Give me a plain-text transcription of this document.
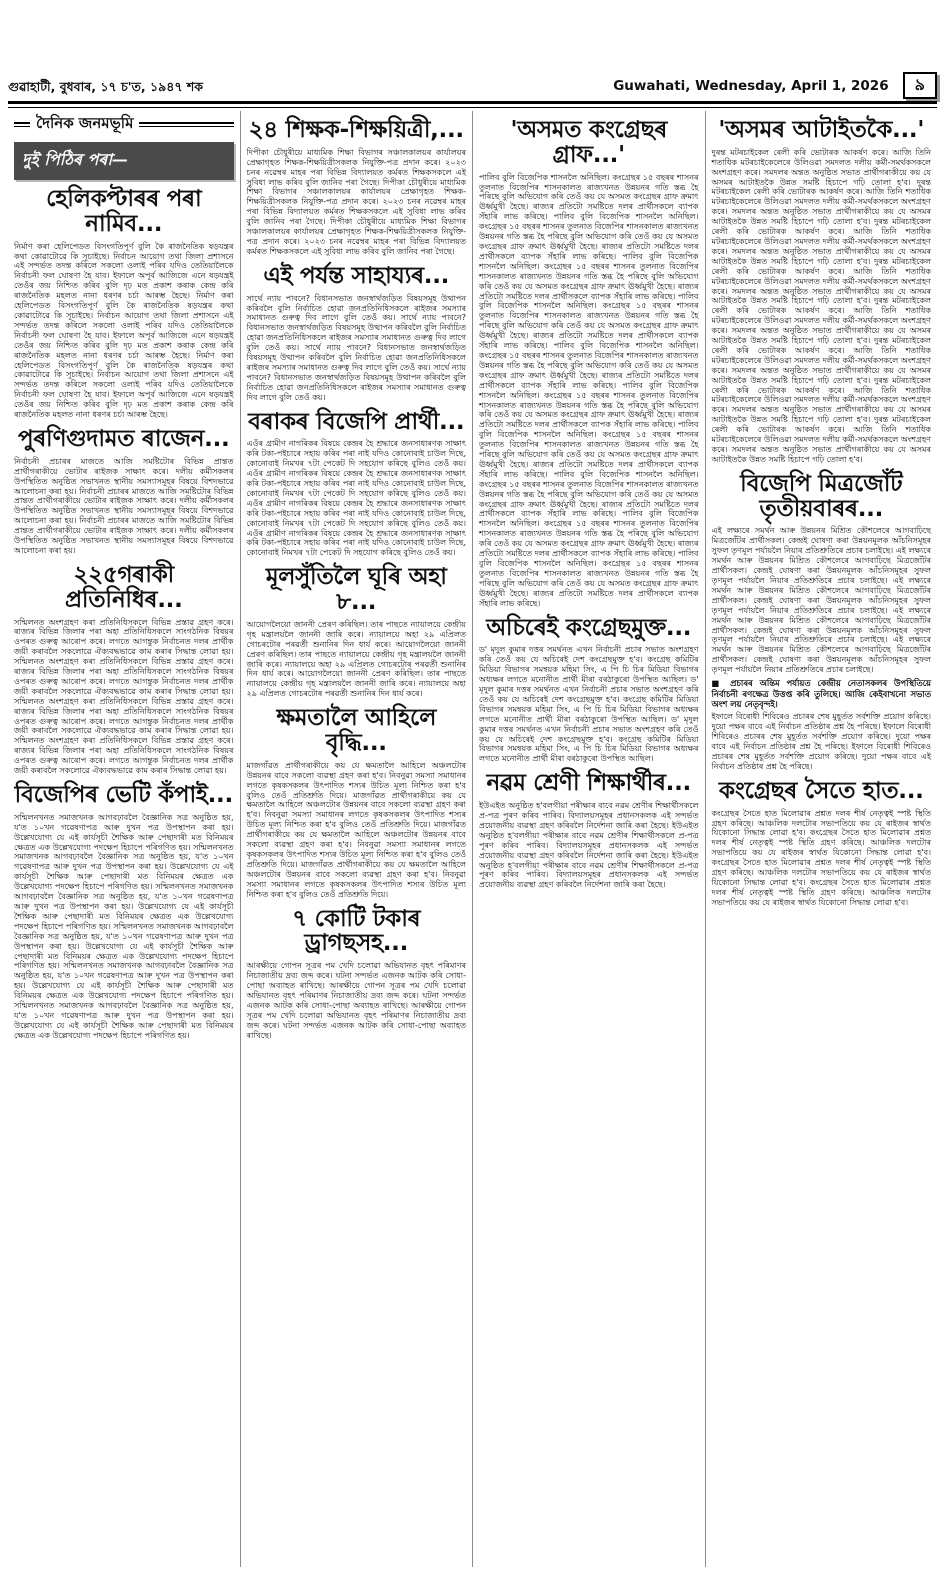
গুৱাহাটী, বুধবাৰ, ১৭ চ'ত, ১৯৪৭ শক	Guwahati, Wednesday, April 1, 2026	৯
দৈনিক জনমভূমি
দুই পিঠিৰ পৰা—
হেলিকপ্টাৰৰ পৰা নামিব...

নিৰ্মাণ কৰা হেলিপেডত বিসংগতিপূৰ্ণ বুলি কৈ ৰাজনৈতিক ষড়যন্ত্ৰৰ কথা কোৱাটোৱে কি সূচাইছে। নিৰ্বাচন আয়োগ তথা জিলা প্ৰশাসনে এই সন্দৰ্ভত তদন্ত কৰিলে সকলো ওলাই পৰিব যদিও তেতিয়ালৈকে নিৰ্বাচনী ফল ঘোষণা হৈ যাব। ইফালে অপূৰ্ব আজিজে এনে ষড়যন্ত্ৰই তেওঁৰ জয় নিশ্চিত কৰিব বুলি দৃঢ় মত প্ৰকাশ কৰাক কেন্দ্ৰ কৰি ৰাজনৈতিক মহলত নানা ধৰণৰ চৰ্চা আৰম্ভ হৈছে। নিৰ্মাণ কৰা হেলিপেডত বিসংগতিপূৰ্ণ বুলি কৈ ৰাজনৈতিক ষড়যন্ত্ৰৰ কথা কোৱাটোৱে কি সূচাইছে। নিৰ্বাচন আয়োগ তথা জিলা প্ৰশাসনে এই সন্দৰ্ভত তদন্ত কৰিলে সকলো ওলাই পৰিব যদিও তেতিয়ালৈকে নিৰ্বাচনী ফল ঘোষণা হৈ যাব। ইফালে অপূৰ্ব আজিজে এনে ষড়যন্ত্ৰই তেওঁৰ জয় নিশ্চিত কৰিব বুলি দৃঢ় মত প্ৰকাশ কৰাক কেন্দ্ৰ কৰি ৰাজনৈতিক মহলত নানা ধৰণৰ চৰ্চা আৰম্ভ হৈছে। নিৰ্মাণ কৰা হেলিপেডত বিসংগতিপূৰ্ণ বুলি কৈ ৰাজনৈতিক ষড়যন্ত্ৰৰ কথা কোৱাটোৱে কি সূচাইছে। নিৰ্বাচন আয়োগ তথা জিলা প্ৰশাসনে এই সন্দৰ্ভত তদন্ত কৰিলে সকলো ওলাই পৰিব যদিও তেতিয়ালৈকে নিৰ্বাচনী ফল ঘোষণা হৈ যাব। ইফালে অপূৰ্ব আজিজে এনে ষড়যন্ত্ৰই তেওঁৰ জয় নিশ্চিত কৰিব বুলি দৃঢ় মত প্ৰকাশ কৰাক কেন্দ্ৰ কৰি ৰাজনৈতিক মহলত নানা ধৰণৰ চৰ্চা আৰম্ভ হৈছে।

পুৰণিগুদামত ৰাজেন...

নিৰ্বাচনী প্ৰচাৰৰ মাজতে আজি সমষ্টিটোৰ বিভিন্ন প্ৰান্তত প্ৰাৰ্থীগৰাকীয়ে ভোটাৰ ৰাইজক সাক্ষাৎ কৰে। দলীয় কৰ্মীসকলৰ উপস্থিতিত অনুষ্ঠিত সভাখনত স্থানীয় সমস্যাসমূহৰ বিষয়ে বিশদভাৱে আলোচনা কৰা হয়। নিৰ্বাচনী প্ৰচাৰৰ মাজতে আজি সমষ্টিটোৰ বিভিন্ন প্ৰান্তত প্ৰাৰ্থীগৰাকীয়ে ভোটাৰ ৰাইজক সাক্ষাৎ কৰে। দলীয় কৰ্মীসকলৰ উপস্থিতিত অনুষ্ঠিত সভাখনত স্থানীয় সমস্যাসমূহৰ বিষয়ে বিশদভাৱে আলোচনা কৰা হয়। নিৰ্বাচনী প্ৰচাৰৰ মাজতে আজি সমষ্টিটোৰ বিভিন্ন প্ৰান্তত প্ৰাৰ্থীগৰাকীয়ে ভোটাৰ ৰাইজক সাক্ষাৎ কৰে। দলীয় কৰ্মীসকলৰ উপস্থিতিত অনুষ্ঠিত সভাখনত স্থানীয় সমস্যাসমূহৰ বিষয়ে বিশদভাৱে আলোচনা কৰা হয়।

২২৫গৰাকী প্ৰতিনিধিৰ...

সন্মিলনত অংশগ্ৰহণ কৰা প্ৰতিনিধিসকলে বিভিন্ন প্ৰস্তাৱ গ্ৰহণ কৰে। ৰাজ্যৰ বিভিন্ন জিলাৰ পৰা অহা প্ৰতিনিধিসকলে সাংগঠনিক বিষয়ৰ ওপৰত গুৰুত্ব আৰোপ কৰে। লগতে আগন্তুক নিৰ্বাচনত দলৰ প্ৰাৰ্থীক জয়ী কৰাবলৈ সকলোৱে ঐক্যবদ্ধভাৱে কাম কৰাৰ সিদ্ধান্ত লোৱা হয়। সন্মিলনত অংশগ্ৰহণ কৰা প্ৰতিনিধিসকলে বিভিন্ন প্ৰস্তাৱ গ্ৰহণ কৰে। ৰাজ্যৰ বিভিন্ন জিলাৰ পৰা অহা প্ৰতিনিধিসকলে সাংগঠনিক বিষয়ৰ ওপৰত গুৰুত্ব আৰোপ কৰে। লগতে আগন্তুক নিৰ্বাচনত দলৰ প্ৰাৰ্থীক জয়ী কৰাবলৈ সকলোৱে ঐক্যবদ্ধভাৱে কাম কৰাৰ সিদ্ধান্ত লোৱা হয়। সন্মিলনত অংশগ্ৰহণ কৰা প্ৰতিনিধিসকলে বিভিন্ন প্ৰস্তাৱ গ্ৰহণ কৰে। ৰাজ্যৰ বিভিন্ন জিলাৰ পৰা অহা প্ৰতিনিধিসকলে সাংগঠনিক বিষয়ৰ ওপৰত গুৰুত্ব আৰোপ কৰে। লগতে আগন্তুক নিৰ্বাচনত দলৰ প্ৰাৰ্থীক জয়ী কৰাবলৈ সকলোৱে ঐক্যবদ্ধভাৱে কাম কৰাৰ সিদ্ধান্ত লোৱা হয়। সন্মিলনত অংশগ্ৰহণ কৰা প্ৰতিনিধিসকলে বিভিন্ন প্ৰস্তাৱ গ্ৰহণ কৰে। ৰাজ্যৰ বিভিন্ন জিলাৰ পৰা অহা প্ৰতিনিধিসকলে সাংগঠনিক বিষয়ৰ ওপৰত গুৰুত্ব আৰোপ কৰে। লগতে আগন্তুক নিৰ্বাচনত দলৰ প্ৰাৰ্থীক জয়ী কৰাবলৈ সকলোৱে ঐক্যবদ্ধভাৱে কাম কৰাৰ সিদ্ধান্ত লোৱা হয়।

বিজেপিৰ ভেটি কঁপাই...

সন্মিলনখনত সমাজখনক আগবঢ়াবলৈ বৈজ্ঞানিক সত্ৰ অনুষ্ঠিত হয়, য'ত ১০খন গৱেষণাপত্ৰ আৰু দুখন পত্ৰ উপস্থাপন কৰা হয়। উল্লেখযোগ্য যে এই কাৰ্যসূচী শৈক্ষিক আৰু পেছাদাৰী মত বিনিময়ৰ ক্ষেত্ৰত এক উল্লেখযোগ্য পদক্ষেপ হিচাপে পৰিগণিত হয়। সন্মিলনখনত সমাজখনক আগবঢ়াবলৈ বৈজ্ঞানিক সত্ৰ অনুষ্ঠিত হয়, য'ত ১০খন গৱেষণাপত্ৰ আৰু দুখন পত্ৰ উপস্থাপন কৰা হয়। উল্লেখযোগ্য যে এই কাৰ্যসূচী শৈক্ষিক আৰু পেছাদাৰী মত বিনিময়ৰ ক্ষেত্ৰত এক উল্লেখযোগ্য পদক্ষেপ হিচাপে পৰিগণিত হয়। সন্মিলনখনত সমাজখনক আগবঢ়াবলৈ বৈজ্ঞানিক সত্ৰ অনুষ্ঠিত হয়, য'ত ১০খন গৱেষণাপত্ৰ আৰু দুখন পত্ৰ উপস্থাপন কৰা হয়। উল্লেখযোগ্য যে এই কাৰ্যসূচী শৈক্ষিক আৰু পেছাদাৰী মত বিনিময়ৰ ক্ষেত্ৰত এক উল্লেখযোগ্য পদক্ষেপ হিচাপে পৰিগণিত হয়। সন্মিলনখনত সমাজখনক আগবঢ়াবলৈ বৈজ্ঞানিক সত্ৰ অনুষ্ঠিত হয়, য'ত ১০খন গৱেষণাপত্ৰ আৰু দুখন পত্ৰ উপস্থাপন কৰা হয়। উল্লেখযোগ্য যে এই কাৰ্যসূচী শৈক্ষিক আৰু পেছাদাৰী মত বিনিময়ৰ ক্ষেত্ৰত এক উল্লেখযোগ্য পদক্ষেপ হিচাপে পৰিগণিত হয়। সন্মিলনখনত সমাজখনক আগবঢ়াবলৈ বৈজ্ঞানিক সত্ৰ অনুষ্ঠিত হয়, য'ত ১০খন গৱেষণাপত্ৰ আৰু দুখন পত্ৰ উপস্থাপন কৰা হয়। উল্লেখযোগ্য যে এই কাৰ্যসূচী শৈক্ষিক আৰু পেছাদাৰী মত বিনিময়ৰ ক্ষেত্ৰত এক উল্লেখযোগ্য পদক্ষেপ হিচাপে পৰিগণিত হয়। সন্মিলনখনত সমাজখনক আগবঢ়াবলৈ বৈজ্ঞানিক সত্ৰ অনুষ্ঠিত হয়, য'ত ১০খন গৱেষণাপত্ৰ আৰু দুখন পত্ৰ উপস্থাপন কৰা হয়। উল্লেখযোগ্য যে এই কাৰ্যসূচী শৈক্ষিক আৰু পেছাদাৰী মত বিনিময়ৰ ক্ষেত্ৰত এক উল্লেখযোগ্য পদক্ষেপ হিচাপে পৰিগণিত হয়।

২৪ শিক্ষক-শিক্ষয়িত্ৰী,...

দিপীকা চৌধুৰীয়ে মাধ্যমিক শিক্ষা বিভাগৰ সঞ্চালকালয়ৰ কাৰ্যালয়ৰ প্ৰেক্ষাগৃহত শিক্ষক-শিক্ষয়িত্ৰীসকলক নিযুক্তি-পত্ৰ প্ৰদান কৰে। ২০২৩ চনৰ নৱেম্বৰ মাহৰ পৰা বিভিন্ন বিদ্যালয়ত কৰ্মৰত শিক্ষকসকলে এই সুবিধা লাভ কৰিব বুলি জানিব পৰা গৈছে। দিপীকা চৌধুৰীয়ে মাধ্যমিক শিক্ষা বিভাগৰ সঞ্চালকালয়ৰ কাৰ্যালয়ৰ প্ৰেক্ষাগৃহত শিক্ষক-শিক্ষয়িত্ৰীসকলক নিযুক্তি-পত্ৰ প্ৰদান কৰে। ২০২৩ চনৰ নৱেম্বৰ মাহৰ পৰা বিভিন্ন বিদ্যালয়ত কৰ্মৰত শিক্ষকসকলে এই সুবিধা লাভ কৰিব বুলি জানিব পৰা গৈছে। দিপীকা চৌধুৰীয়ে মাধ্যমিক শিক্ষা বিভাগৰ সঞ্চালকালয়ৰ কাৰ্যালয়ৰ প্ৰেক্ষাগৃহত শিক্ষক-শিক্ষয়িত্ৰীসকলক নিযুক্তি-পত্ৰ প্ৰদান কৰে। ২০২৩ চনৰ নৱেম্বৰ মাহৰ পৰা বিভিন্ন বিদ্যালয়ত কৰ্মৰত শিক্ষকসকলে এই সুবিধা লাভ কৰিব বুলি জানিব পৰা গৈছে।

এই পৰ্যন্ত সাহায্যৰ...

সাৰ্থে ন্যায় পাবনে? বিধানসভাত জনস্বাৰ্থজড়িত বিষয়সমূহ উত্থাপন কৰিবলৈ বুলি নিৰ্বাচিত হোৱা জনপ্ৰতিনিধিসকলে ৰাইজৰ সমস্যাৰ সমাধানত গুৰুত্ব দিব লাগে বুলি তেওঁ কয়। সাৰ্থে ন্যায় পাবনে? বিধানসভাত জনস্বাৰ্থজড়িত বিষয়সমূহ উত্থাপন কৰিবলৈ বুলি নিৰ্বাচিত হোৱা জনপ্ৰতিনিধিসকলে ৰাইজৰ সমস্যাৰ সমাধানত গুৰুত্ব দিব লাগে বুলি তেওঁ কয়। সাৰ্থে ন্যায় পাবনে? বিধানসভাত জনস্বাৰ্থজড়িত বিষয়সমূহ উত্থাপন কৰিবলৈ বুলি নিৰ্বাচিত হোৱা জনপ্ৰতিনিধিসকলে ৰাইজৰ সমস্যাৰ সমাধানত গুৰুত্ব দিব লাগে বুলি তেওঁ কয়। সাৰ্থে ন্যায় পাবনে? বিধানসভাত জনস্বাৰ্থজড়িত বিষয়সমূহ উত্থাপন কৰিবলৈ বুলি নিৰ্বাচিত হোৱা জনপ্ৰতিনিধিসকলে ৰাইজৰ সমস্যাৰ সমাধানত গুৰুত্ব দিব লাগে বুলি তেওঁ কয়।

বৰাকৰ বিজেপি প্ৰাৰ্থী...

এওঁৰ গ্ৰামীণ নাগৰিকৰ বিষয়ে কেন্দ্ৰৰ হৈ শ্ৰদ্ধাৰে জনসাধাৰণক সাক্ষাৎ কৰি টকা-পইচাৰে সহায় কৰিব পৰা নাই যদিও কোনোবাই চাউল দিছে, কোনোবাই নিমখৰ ৭টা পেকেট দি সহযোগ কৰিছে বুলিও তেওঁ কয়। এওঁৰ গ্ৰামীণ নাগৰিকৰ বিষয়ে কেন্দ্ৰৰ হৈ শ্ৰদ্ধাৰে জনসাধাৰণক সাক্ষাৎ কৰি টকা-পইচাৰে সহায় কৰিব পৰা নাই যদিও কোনোবাই চাউল দিছে, কোনোবাই নিমখৰ ৭টা পেকেট দি সহযোগ কৰিছে বুলিও তেওঁ কয়। এওঁৰ গ্ৰামীণ নাগৰিকৰ বিষয়ে কেন্দ্ৰৰ হৈ শ্ৰদ্ধাৰে জনসাধাৰণক সাক্ষাৎ কৰি টকা-পইচাৰে সহায় কৰিব পৰা নাই যদিও কোনোবাই চাউল দিছে, কোনোবাই নিমখৰ ৭টা পেকেট দি সহযোগ কৰিছে বুলিও তেওঁ কয়। এওঁৰ গ্ৰামীণ নাগৰিকৰ বিষয়ে কেন্দ্ৰৰ হৈ শ্ৰদ্ধাৰে জনসাধাৰণক সাক্ষাৎ কৰি টকা-পইচাৰে সহায় কৰিব পৰা নাই যদিও কোনোবাই চাউল দিছে, কোনোবাই নিমখৰ ৭টা পেকেট দি সহযোগ কৰিছে বুলিও তেওঁ কয়।

মূলসুঁতিলৈ ঘূৰি অহা ৮...

আয়োগলৈয়ো জাননী প্ৰেৰণ কৰিছিল। তাৰ পাছতে ন্যায়ালয়ে কেন্দ্ৰীয় গৃহ মন্ত্ৰালয়লৈ জাননী জাৰি কৰে। ন্যায়ালয়ে অহা ২৯ এপ্ৰিলত গোচৰটোৰ পৰৱৰ্তী শুনানিৰ দিন ধাৰ্য কৰে। আয়োগলৈয়ো জাননী প্ৰেৰণ কৰিছিল। তাৰ পাছতে ন্যায়ালয়ে কেন্দ্ৰীয় গৃহ মন্ত্ৰালয়লৈ জাননী জাৰি কৰে। ন্যায়ালয়ে অহা ২৯ এপ্ৰিলত গোচৰটোৰ পৰৱৰ্তী শুনানিৰ দিন ধাৰ্য কৰে। আয়োগলৈয়ো জাননী প্ৰেৰণ কৰিছিল। তাৰ পাছতে ন্যায়ালয়ে কেন্দ্ৰীয় গৃহ মন্ত্ৰালয়লৈ জাননী জাৰি কৰে। ন্যায়ালয়ে অহা ২৯ এপ্ৰিলত গোচৰটোৰ পৰৱৰ্তী শুনানিৰ দিন ধাৰ্য কৰে।

ক্ষমতালৈ আহিলে বৃদ্ধি...

মাজগাঁৱত প্ৰাৰ্থীগৰাকীয়ে কয় যে ক্ষমতালৈ আহিলে অঞ্চলটোৰ উন্নয়নৰ বাবে সকলো ব্যৱস্থা গ্ৰহণ কৰা হ'ব। নিবনুৱা সমস্যা সমাধানৰ লগতে কৃষকসকলৰ উৎপাদিত শস্যৰ উচিত মূল্য নিশ্চিত কৰা হ'ব বুলিও তেওঁ প্ৰতিশ্ৰুতি দিয়ে। মাজগাঁৱত প্ৰাৰ্থীগৰাকীয়ে কয় যে ক্ষমতালৈ আহিলে অঞ্চলটোৰ উন্নয়নৰ বাবে সকলো ব্যৱস্থা গ্ৰহণ কৰা হ'ব। নিবনুৱা সমস্যা সমাধানৰ লগতে কৃষকসকলৰ উৎপাদিত শস্যৰ উচিত মূল্য নিশ্চিত কৰা হ'ব বুলিও তেওঁ প্ৰতিশ্ৰুতি দিয়ে। মাজগাঁৱত প্ৰাৰ্থীগৰাকীয়ে কয় যে ক্ষমতালৈ আহিলে অঞ্চলটোৰ উন্নয়নৰ বাবে সকলো ব্যৱস্থা গ্ৰহণ কৰা হ'ব। নিবনুৱা সমস্যা সমাধানৰ লগতে কৃষকসকলৰ উৎপাদিত শস্যৰ উচিত মূল্য নিশ্চিত কৰা হ'ব বুলিও তেওঁ প্ৰতিশ্ৰুতি দিয়ে। মাজগাঁৱত প্ৰাৰ্থীগৰাকীয়ে কয় যে ক্ষমতালৈ আহিলে অঞ্চলটোৰ উন্নয়নৰ বাবে সকলো ব্যৱস্থা গ্ৰহণ কৰা হ'ব। নিবনুৱা সমস্যা সমাধানৰ লগতে কৃষকসকলৰ উৎপাদিত শস্যৰ উচিত মূল্য নিশ্চিত কৰা হ'ব বুলিও তেওঁ প্ৰতিশ্ৰুতি দিয়ে।

৭ কোটি টকাৰ ড্ৰাগছসহ...

আৰক্ষীয়ে গোপন সূত্ৰৰ পম খেদি চলোৱা অভিযানত বৃহৎ পৰিমাণৰ নিচাজাতীয় দ্ৰব্য জব্দ কৰে। ঘটনা সন্দৰ্ভত এজনক আটক কৰি সোধা-পোছা অব্যাহত ৰাখিছে। আৰক্ষীয়ে গোপন সূত্ৰৰ পম খেদি চলোৱা অভিযানত বৃহৎ পৰিমাণৰ নিচাজাতীয় দ্ৰব্য জব্দ কৰে। ঘটনা সন্দৰ্ভত এজনক আটক কৰি সোধা-পোছা অব্যাহত ৰাখিছে। আৰক্ষীয়ে গোপন সূত্ৰৰ পম খেদি চলোৱা অভিযানত বৃহৎ পৰিমাণৰ নিচাজাতীয় দ্ৰব্য জব্দ কৰে। ঘটনা সন্দৰ্ভত এজনক আটক কৰি সোধা-পোছা অব্যাহত ৰাখিছে।

'অসমত কংগ্ৰেছৰ গ্ৰাফ...'

পালিব বুলি বিজেপিক শাসনলৈ অনিছিল। কংগ্ৰেছৰ ১৫ বছৰৰ শাসনৰ তুলনাত বিজেপিৰ শাসনকালত ৰাজ্যখনত উন্নয়নৰ গতি স্তব্ধ হৈ পৰিছে বুলি অভিযোগ কৰি তেওঁ কয় যে অসমত কংগ্ৰেছৰ গ্ৰাফ ক্ৰমাৎ ঊৰ্ধ্বমুখী হৈছে। ৰাজ্যৰ প্ৰতিটো সমষ্টিতে দলৰ প্ৰাৰ্থীসকলে ব্যাপক সঁহাৰি লাভ কৰিছে। পালিব বুলি বিজেপিক শাসনলৈ অনিছিল। কংগ্ৰেছৰ ১৫ বছৰৰ শাসনৰ তুলনাত বিজেপিৰ শাসনকালত ৰাজ্যখনত উন্নয়নৰ গতি স্তব্ধ হৈ পৰিছে বুলি অভিযোগ কৰি তেওঁ কয় যে অসমত কংগ্ৰেছৰ গ্ৰাফ ক্ৰমাৎ ঊৰ্ধ্বমুখী হৈছে। ৰাজ্যৰ প্ৰতিটো সমষ্টিতে দলৰ প্ৰাৰ্থীসকলে ব্যাপক সঁহাৰি লাভ কৰিছে। পালিব বুলি বিজেপিক শাসনলৈ অনিছিল। কংগ্ৰেছৰ ১৫ বছৰৰ শাসনৰ তুলনাত বিজেপিৰ শাসনকালত ৰাজ্যখনত উন্নয়নৰ গতি স্তব্ধ হৈ পৰিছে বুলি অভিযোগ কৰি তেওঁ কয় যে অসমত কংগ্ৰেছৰ গ্ৰাফ ক্ৰমাৎ ঊৰ্ধ্বমুখী হৈছে। ৰাজ্যৰ প্ৰতিটো সমষ্টিতে দলৰ প্ৰাৰ্থীসকলে ব্যাপক সঁহাৰি লাভ কৰিছে। পালিব বুলি বিজেপিক শাসনলৈ অনিছিল। কংগ্ৰেছৰ ১৫ বছৰৰ শাসনৰ তুলনাত বিজেপিৰ শাসনকালত ৰাজ্যখনত উন্নয়নৰ গতি স্তব্ধ হৈ পৰিছে বুলি অভিযোগ কৰি তেওঁ কয় যে অসমত কংগ্ৰেছৰ গ্ৰাফ ক্ৰমাৎ ঊৰ্ধ্বমুখী হৈছে। ৰাজ্যৰ প্ৰতিটো সমষ্টিতে দলৰ প্ৰাৰ্থীসকলে ব্যাপক সঁহাৰি লাভ কৰিছে। পালিব বুলি বিজেপিক শাসনলৈ অনিছিল। কংগ্ৰেছৰ ১৫ বছৰৰ শাসনৰ তুলনাত বিজেপিৰ শাসনকালত ৰাজ্যখনত উন্নয়নৰ গতি স্তব্ধ হৈ পৰিছে বুলি অভিযোগ কৰি তেওঁ কয় যে অসমত কংগ্ৰেছৰ গ্ৰাফ ক্ৰমাৎ ঊৰ্ধ্বমুখী হৈছে। ৰাজ্যৰ প্ৰতিটো সমষ্টিতে দলৰ প্ৰাৰ্থীসকলে ব্যাপক সঁহাৰি লাভ কৰিছে। পালিব বুলি বিজেপিক শাসনলৈ অনিছিল। কংগ্ৰেছৰ ১৫ বছৰৰ শাসনৰ তুলনাত বিজেপিৰ শাসনকালত ৰাজ্যখনত উন্নয়নৰ গতি স্তব্ধ হৈ পৰিছে বুলি অভিযোগ কৰি তেওঁ কয় যে অসমত কংগ্ৰেছৰ গ্ৰাফ ক্ৰমাৎ ঊৰ্ধ্বমুখী হৈছে। ৰাজ্যৰ প্ৰতিটো সমষ্টিতে দলৰ প্ৰাৰ্থীসকলে ব্যাপক সঁহাৰি লাভ কৰিছে। পালিব বুলি বিজেপিক শাসনলৈ অনিছিল। কংগ্ৰেছৰ ১৫ বছৰৰ শাসনৰ তুলনাত বিজেপিৰ শাসনকালত ৰাজ্যখনত উন্নয়নৰ গতি স্তব্ধ হৈ পৰিছে বুলি অভিযোগ কৰি তেওঁ কয় যে অসমত কংগ্ৰেছৰ গ্ৰাফ ক্ৰমাৎ ঊৰ্ধ্বমুখী হৈছে। ৰাজ্যৰ প্ৰতিটো সমষ্টিতে দলৰ প্ৰাৰ্থীসকলে ব্যাপক সঁহাৰি লাভ কৰিছে। পালিব বুলি বিজেপিক শাসনলৈ অনিছিল। কংগ্ৰেছৰ ১৫ বছৰৰ শাসনৰ তুলনাত বিজেপিৰ শাসনকালত ৰাজ্যখনত উন্নয়নৰ গতি স্তব্ধ হৈ পৰিছে বুলি অভিযোগ কৰি তেওঁ কয় যে অসমত কংগ্ৰেছৰ গ্ৰাফ ক্ৰমাৎ ঊৰ্ধ্বমুখী হৈছে। ৰাজ্যৰ প্ৰতিটো সমষ্টিতে দলৰ প্ৰাৰ্থীসকলে ব্যাপক সঁহাৰি লাভ কৰিছে। পালিব বুলি বিজেপিক শাসনলৈ অনিছিল। কংগ্ৰেছৰ ১৫ বছৰৰ শাসনৰ তুলনাত বিজেপিৰ শাসনকালত ৰাজ্যখনত উন্নয়নৰ গতি স্তব্ধ হৈ পৰিছে বুলি অভিযোগ কৰি তেওঁ কয় যে অসমত কংগ্ৰেছৰ গ্ৰাফ ক্ৰমাৎ ঊৰ্ধ্বমুখী হৈছে। ৰাজ্যৰ প্ৰতিটো সমষ্টিতে দলৰ প্ৰাৰ্থীসকলে ব্যাপক সঁহাৰি লাভ কৰিছে। পালিব বুলি বিজেপিক শাসনলৈ অনিছিল। কংগ্ৰেছৰ ১৫ বছৰৰ শাসনৰ তুলনাত বিজেপিৰ শাসনকালত ৰাজ্যখনত উন্নয়নৰ গতি স্তব্ধ হৈ পৰিছে বুলি অভিযোগ কৰি তেওঁ কয় যে অসমত কংগ্ৰেছৰ গ্ৰাফ ক্ৰমাৎ ঊৰ্ধ্বমুখী হৈছে। ৰাজ্যৰ প্ৰতিটো সমষ্টিতে দলৰ প্ৰাৰ্থীসকলে ব্যাপক সঁহাৰি লাভ কৰিছে।

অচিৰেই কংগ্ৰেছমুক্ত...

ড' মৃদুল কুমাৰ দত্তৰ সমৰ্থনত এখন নিৰ্বাচনী প্ৰচাৰ সভাত অংশগ্ৰহণ কৰি তেওঁ কয় যে অচিৰেই দেশ কংগ্ৰেছমুক্ত হ'ব। কংগ্ৰেছ কমিটিৰ মিডিয়া বিভাগৰ সমন্বয়ক মহিমা সিং, এ পি চি চিৰ মিডিয়া বিভাগৰ অধ্যক্ষৰ লগতে মনোনীত প্ৰাৰ্থী মীৰা বৰঠাকুৰো উপস্থিত আছিল। ড' মৃদুল কুমাৰ দত্তৰ সমৰ্থনত এখন নিৰ্বাচনী প্ৰচাৰ সভাত অংশগ্ৰহণ কৰি তেওঁ কয় যে অচিৰেই দেশ কংগ্ৰেছমুক্ত হ'ব। কংগ্ৰেছ কমিটিৰ মিডিয়া বিভাগৰ সমন্বয়ক মহিমা সিং, এ পি চি চিৰ মিডিয়া বিভাগৰ অধ্যক্ষৰ লগতে মনোনীত প্ৰাৰ্থী মীৰা বৰঠাকুৰো উপস্থিত আছিল। ড' মৃদুল কুমাৰ দত্তৰ সমৰ্থনত এখন নিৰ্বাচনী প্ৰচাৰ সভাত অংশগ্ৰহণ কৰি তেওঁ কয় যে অচিৰেই দেশ কংগ্ৰেছমুক্ত হ'ব। কংগ্ৰেছ কমিটিৰ মিডিয়া বিভাগৰ সমন্বয়ক মহিমা সিং, এ পি চি চিৰ মিডিয়া বিভাগৰ অধ্যক্ষৰ লগতে মনোনীত প্ৰাৰ্থী মীৰা বৰঠাকুৰো উপস্থিত আছিল।

নৱম শ্ৰেণী শিক্ষাৰ্থীৰ...

ইউএইত অনুষ্ঠিত হ'বলগীয়া পৰীক্ষাৰ বাবে নৱম শ্ৰেণীৰ শিক্ষাৰ্থীসকলে প্ৰ-পত্ৰ পূৰণ কৰিব পাৰিব। বিদ্যালয়সমূহৰ প্ৰধানসকলক এই সন্দৰ্ভত প্ৰয়োজনীয় ব্যৱস্থা গ্ৰহণ কৰিবলৈ নিৰ্দেশনা জাৰি কৰা হৈছে। ইউএইত অনুষ্ঠিত হ'বলগীয়া পৰীক্ষাৰ বাবে নৱম শ্ৰেণীৰ শিক্ষাৰ্থীসকলে প্ৰ-পত্ৰ পূৰণ কৰিব পাৰিব। বিদ্যালয়সমূহৰ প্ৰধানসকলক এই সন্দৰ্ভত প্ৰয়োজনীয় ব্যৱস্থা গ্ৰহণ কৰিবলৈ নিৰ্দেশনা জাৰি কৰা হৈছে। ইউএইত অনুষ্ঠিত হ'বলগীয়া পৰীক্ষাৰ বাবে নৱম শ্ৰেণীৰ শিক্ষাৰ্থীসকলে প্ৰ-পত্ৰ পূৰণ কৰিব পাৰিব। বিদ্যালয়সমূহৰ প্ৰধানসকলক এই সন্দৰ্ভত প্ৰয়োজনীয় ব্যৱস্থা গ্ৰহণ কৰিবলৈ নিৰ্দেশনা জাৰি কৰা হৈছে।

'অসমৰ আটাইতকৈ...'

দুৰন্ত মটৰচাইকেল ৰেলী কৰি ভোটাৰক আকৰ্ষণ কৰে। আজি তিনি শতাধিক মটৰচাইকেলেৰে উলিওৱা সমদলত দলীয় কৰ্মী-সমৰ্থকসকলে অংশগ্ৰহণ কৰে। সমদলৰ অন্তত অনুষ্ঠিত সভাত প্ৰাৰ্থীগৰাকীয়ে কয় যে অসমৰ আটাইতকৈ উন্নত সমষ্টি হিচাপে গঢ়ি তোলা হ'ব। দুৰন্ত মটৰচাইকেল ৰেলী কৰি ভোটাৰক আকৰ্ষণ কৰে। আজি তিনি শতাধিক মটৰচাইকেলেৰে উলিওৱা সমদলত দলীয় কৰ্মী-সমৰ্থকসকলে অংশগ্ৰহণ কৰে। সমদলৰ অন্তত অনুষ্ঠিত সভাত প্ৰাৰ্থীগৰাকীয়ে কয় যে অসমৰ আটাইতকৈ উন্নত সমষ্টি হিচাপে গঢ়ি তোলা হ'ব। দুৰন্ত মটৰচাইকেল ৰেলী কৰি ভোটাৰক আকৰ্ষণ কৰে। আজি তিনি শতাধিক মটৰচাইকেলেৰে উলিওৱা সমদলত দলীয় কৰ্মী-সমৰ্থকসকলে অংশগ্ৰহণ কৰে। সমদলৰ অন্তত অনুষ্ঠিত সভাত প্ৰাৰ্থীগৰাকীয়ে কয় যে অসমৰ আটাইতকৈ উন্নত সমষ্টি হিচাপে গঢ়ি তোলা হ'ব। দুৰন্ত মটৰচাইকেল ৰেলী কৰি ভোটাৰক আকৰ্ষণ কৰে। আজি তিনি শতাধিক মটৰচাইকেলেৰে উলিওৱা সমদলত দলীয় কৰ্মী-সমৰ্থকসকলে অংশগ্ৰহণ কৰে। সমদলৰ অন্তত অনুষ্ঠিত সভাত প্ৰাৰ্থীগৰাকীয়ে কয় যে অসমৰ আটাইতকৈ উন্নত সমষ্টি হিচাপে গঢ়ি তোলা হ'ব। দুৰন্ত মটৰচাইকেল ৰেলী কৰি ভোটাৰক আকৰ্ষণ কৰে। আজি তিনি শতাধিক মটৰচাইকেলেৰে উলিওৱা সমদলত দলীয় কৰ্মী-সমৰ্থকসকলে অংশগ্ৰহণ কৰে। সমদলৰ অন্তত অনুষ্ঠিত সভাত প্ৰাৰ্থীগৰাকীয়ে কয় যে অসমৰ আটাইতকৈ উন্নত সমষ্টি হিচাপে গঢ়ি তোলা হ'ব। দুৰন্ত মটৰচাইকেল ৰেলী কৰি ভোটাৰক আকৰ্ষণ কৰে। আজি তিনি শতাধিক মটৰচাইকেলেৰে উলিওৱা সমদলত দলীয় কৰ্মী-সমৰ্থকসকলে অংশগ্ৰহণ কৰে। সমদলৰ অন্তত অনুষ্ঠিত সভাত প্ৰাৰ্থীগৰাকীয়ে কয় যে অসমৰ আটাইতকৈ উন্নত সমষ্টি হিচাপে গঢ়ি তোলা হ'ব। দুৰন্ত মটৰচাইকেল ৰেলী কৰি ভোটাৰক আকৰ্ষণ কৰে। আজি তিনি শতাধিক মটৰচাইকেলেৰে উলিওৱা সমদলত দলীয় কৰ্মী-সমৰ্থকসকলে অংশগ্ৰহণ কৰে। সমদলৰ অন্তত অনুষ্ঠিত সভাত প্ৰাৰ্থীগৰাকীয়ে কয় যে অসমৰ আটাইতকৈ উন্নত সমষ্টি হিচাপে গঢ়ি তোলা হ'ব। দুৰন্ত মটৰচাইকেল ৰেলী কৰি ভোটাৰক আকৰ্ষণ কৰে। আজি তিনি শতাধিক মটৰচাইকেলেৰে উলিওৱা সমদলত দলীয় কৰ্মী-সমৰ্থকসকলে অংশগ্ৰহণ কৰে। সমদলৰ অন্তত অনুষ্ঠিত সভাত প্ৰাৰ্থীগৰাকীয়ে কয় যে অসমৰ আটাইতকৈ উন্নত সমষ্টি হিচাপে গঢ়ি তোলা হ'ব।

বিজেপি মিত্ৰজোঁট তৃতীয়বাৰৰ...

এই লক্ষ্যৰে সমৰ্থন আৰু উন্নয়নৰ মিশ্ৰিত কৌশলেৰে আগবাঢ়িছে মিত্ৰজোঁটৰ প্ৰাৰ্থীসকল। কেন্দ্ৰই ঘোষণা কৰা উন্নয়নমূলক আঁচনিসমূহৰ সুফল তৃণমূল পৰ্যায়লৈ নিয়াৰ প্ৰতিশ্ৰুতিৰে প্ৰচাৰ চলাইছে। এই লক্ষ্যৰে সমৰ্থন আৰু উন্নয়নৰ মিশ্ৰিত কৌশলেৰে আগবাঢ়িছে মিত্ৰজোঁটৰ প্ৰাৰ্থীসকল। কেন্দ্ৰই ঘোষণা কৰা উন্নয়নমূলক আঁচনিসমূহৰ সুফল তৃণমূল পৰ্যায়লৈ নিয়াৰ প্ৰতিশ্ৰুতিৰে প্ৰচাৰ চলাইছে। এই লক্ষ্যৰে সমৰ্থন আৰু উন্নয়নৰ মিশ্ৰিত কৌশলেৰে আগবাঢ়িছে মিত্ৰজোঁটৰ প্ৰাৰ্থীসকল। কেন্দ্ৰই ঘোষণা কৰা উন্নয়নমূলক আঁচনিসমূহৰ সুফল তৃণমূল পৰ্যায়লৈ নিয়াৰ প্ৰতিশ্ৰুতিৰে প্ৰচাৰ চলাইছে। এই লক্ষ্যৰে সমৰ্থন আৰু উন্নয়নৰ মিশ্ৰিত কৌশলেৰে আগবাঢ়িছে মিত্ৰজোঁটৰ প্ৰাৰ্থীসকল। কেন্দ্ৰই ঘোষণা কৰা উন্নয়নমূলক আঁচনিসমূহৰ সুফল তৃণমূল পৰ্যায়লৈ নিয়াৰ প্ৰতিশ্ৰুতিৰে প্ৰচাৰ চলাইছে। এই লক্ষ্যৰে সমৰ্থন আৰু উন্নয়নৰ মিশ্ৰিত কৌশলেৰে আগবাঢ়িছে মিত্ৰজোঁটৰ প্ৰাৰ্থীসকল। কেন্দ্ৰই ঘোষণা কৰা উন্নয়নমূলক আঁচনিসমূহৰ সুফল তৃণমূল পৰ্যায়লৈ নিয়াৰ প্ৰতিশ্ৰুতিৰে প্ৰচাৰ চলাইছে।

■ প্ৰচাৰৰ অন্তিম পৰ্যায়ত কেন্দ্ৰীয় নেতাসকলৰ উপস্থিতিয়ে নিৰ্বাচনী ৰণক্ষেত্ৰ উত্তপ্ত কৰি তুলিছে। আজি কেইবাখনো সভাত অংশ লয় নেতৃবৃন্দই।

ইফালে বিৰোধী শিবিৰেও প্ৰচাৰৰ শেষ মুহূৰ্তত সৰ্বশক্তি প্ৰয়োগ কৰিছে। দুয়ো পক্ষৰ বাবে এই নিৰ্বাচন প্ৰতিষ্ঠাৰ প্ৰশ্ন হৈ পৰিছে। ইফালে বিৰোধী শিবিৰেও প্ৰচাৰৰ শেষ মুহূৰ্তত সৰ্বশক্তি প্ৰয়োগ কৰিছে। দুয়ো পক্ষৰ বাবে এই নিৰ্বাচন প্ৰতিষ্ঠাৰ প্ৰশ্ন হৈ পৰিছে। ইফালে বিৰোধী শিবিৰেও প্ৰচাৰৰ শেষ মুহূৰ্তত সৰ্বশক্তি প্ৰয়োগ কৰিছে। দুয়ো পক্ষৰ বাবে এই নিৰ্বাচন প্ৰতিষ্ঠাৰ প্ৰশ্ন হৈ পৰিছে।

কংগ্ৰেছৰ সৈতে হাত...

কংগ্ৰেছৰ সৈতে হাত মিলোৱাৰ প্ৰশ্নত দলৰ শীৰ্ষ নেতৃত্বই স্পষ্ট স্থিতি গ্ৰহণ কৰিছে। আঞ্চলিক দলটোৰ সভাপতিয়ে কয় যে ৰাইজৰ স্বাৰ্থত যিকোনো সিদ্ধান্ত লোৱা হ'ব। কংগ্ৰেছৰ সৈতে হাত মিলোৱাৰ প্ৰশ্নত দলৰ শীৰ্ষ নেতৃত্বই স্পষ্ট স্থিতি গ্ৰহণ কৰিছে। আঞ্চলিক দলটোৰ সভাপতিয়ে কয় যে ৰাইজৰ স্বাৰ্থত যিকোনো সিদ্ধান্ত লোৱা হ'ব। কংগ্ৰেছৰ সৈতে হাত মিলোৱাৰ প্ৰশ্নত দলৰ শীৰ্ষ নেতৃত্বই স্পষ্ট স্থিতি গ্ৰহণ কৰিছে। আঞ্চলিক দলটোৰ সভাপতিয়ে কয় যে ৰাইজৰ স্বাৰ্থত যিকোনো সিদ্ধান্ত লোৱা হ'ব। কংগ্ৰেছৰ সৈতে হাত মিলোৱাৰ প্ৰশ্নত দলৰ শীৰ্ষ নেতৃত্বই স্পষ্ট স্থিতি গ্ৰহণ কৰিছে। আঞ্চলিক দলটোৰ সভাপতিয়ে কয় যে ৰাইজৰ স্বাৰ্থত যিকোনো সিদ্ধান্ত লোৱা হ'ব।
